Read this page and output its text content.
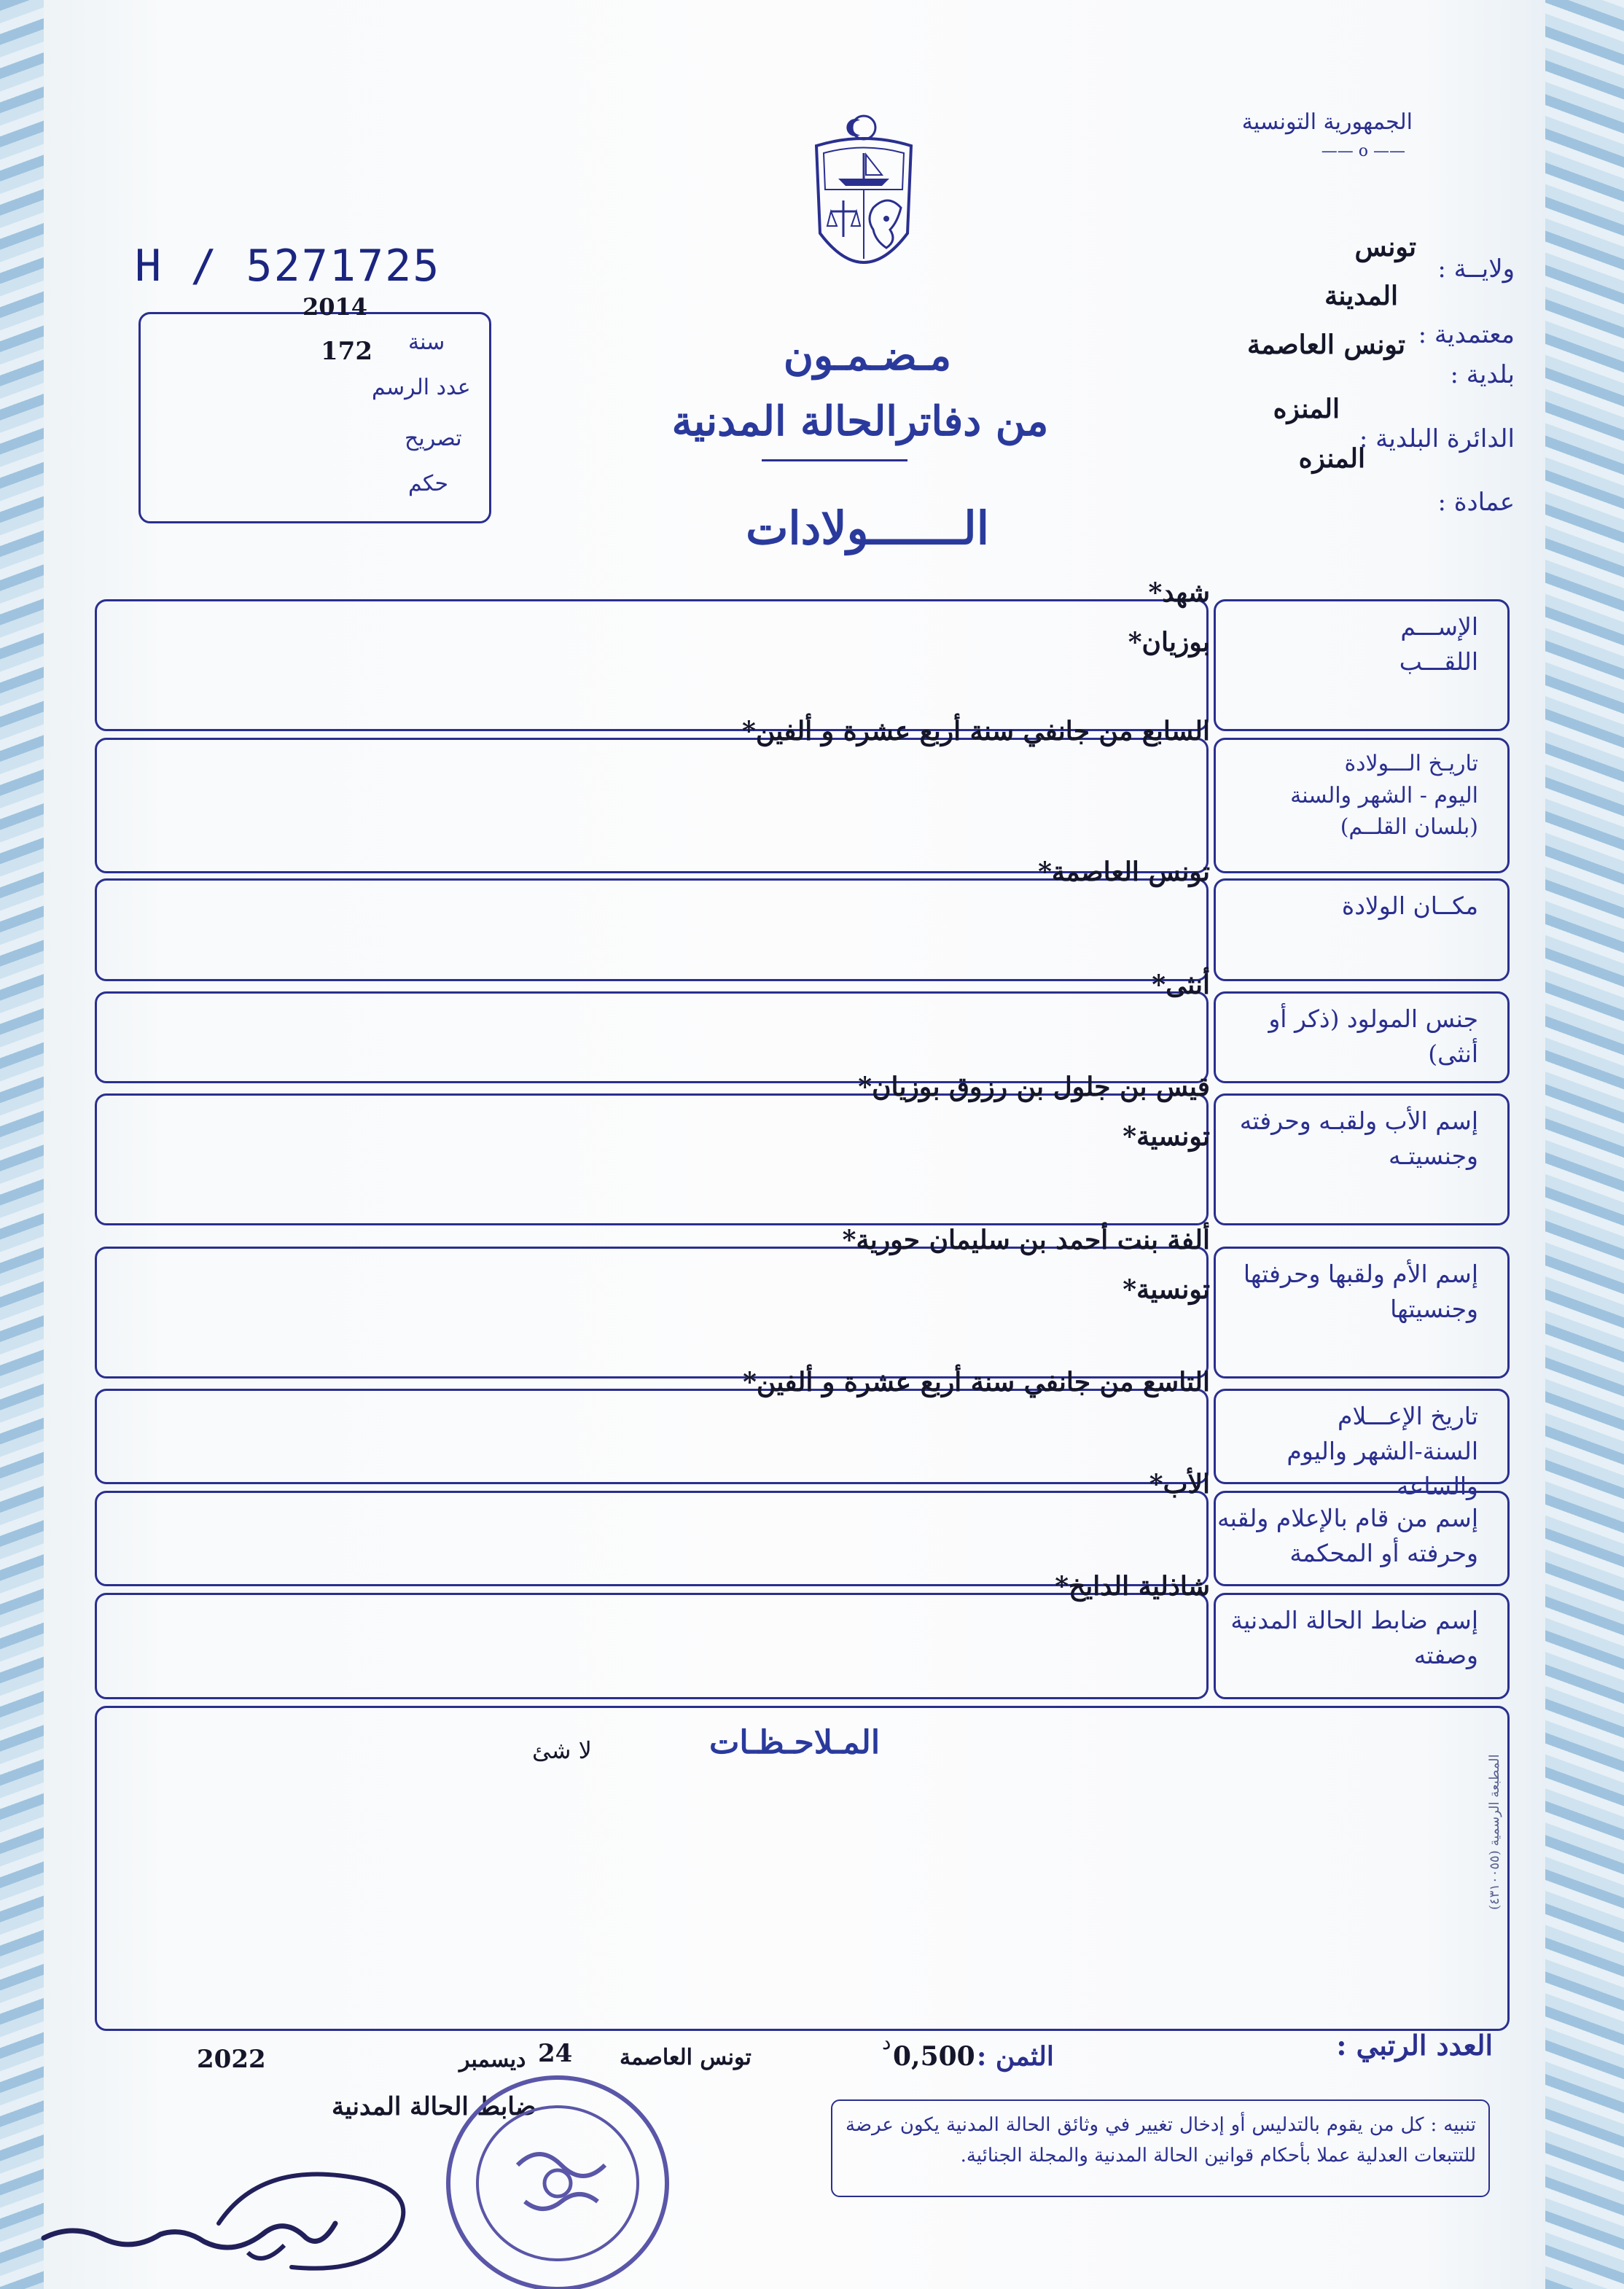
الجمهورية التونسية
—— ο ——
ولايــة :
تونس
المدينة
معتمدية :
بلدية :
تونس العاصمة
المنزه
الدائرة البلدية :
المنزه
عمادة :
H / 5271725
2014
سنة
172
عدد الرسم
تصريح
حكم
مـضـمـون
من دفاترالحالة المدنية
الـــــــولادات
الإســـم
اللقـــب
شهد*
بوزيان*
تاريـخ الـــولادة
اليوم - الشهر والسنة
(بلسان القلــم)
السابع من جانفي سنة أربع عشرة و ألفين*
مكــان الولادة
تونس العاصمة*
جنس المولود (ذكر أو أنثى)
أنثى*
إسم الأب ولقبـه وحرفته
وجنسيتـه
قيس بن جلول بن رزوق بوزيان*
تونسية*
إسم الأم ولقبها وحرفتها
وجنسيتها
ألفة بنت أحمد بن سليمان حورية*
تونسية*
تاريخ الإعـــلام
السنة-الشهر واليوم والساعة
التاسع من جانفي سنة أربع عشرة و ألفين*
إسم من قام بالإعلام ولقبه
وحرفته أو المحكمة
الأب*
إسم ضابط الحالة المدنية
وصفته
شاذلية الدايخ*
المـلاحـظـات
لا شئ
المطبعة الرسمية (٤٣١٠٠٥٥)
العدد الرتبي :
الثمن :
0,500
د
تونس العاصمة
24
ديسمبر
2022
ضابط الحالة المدنية
تنبيه : كل من يقوم بالتدليس أو إدخال تغيير في وثائق الحالة المدنية يكون عرضة للتتبعات العدلية عملا بأحكام قوانين الحالة المدنية والمجلة الجنائية.
